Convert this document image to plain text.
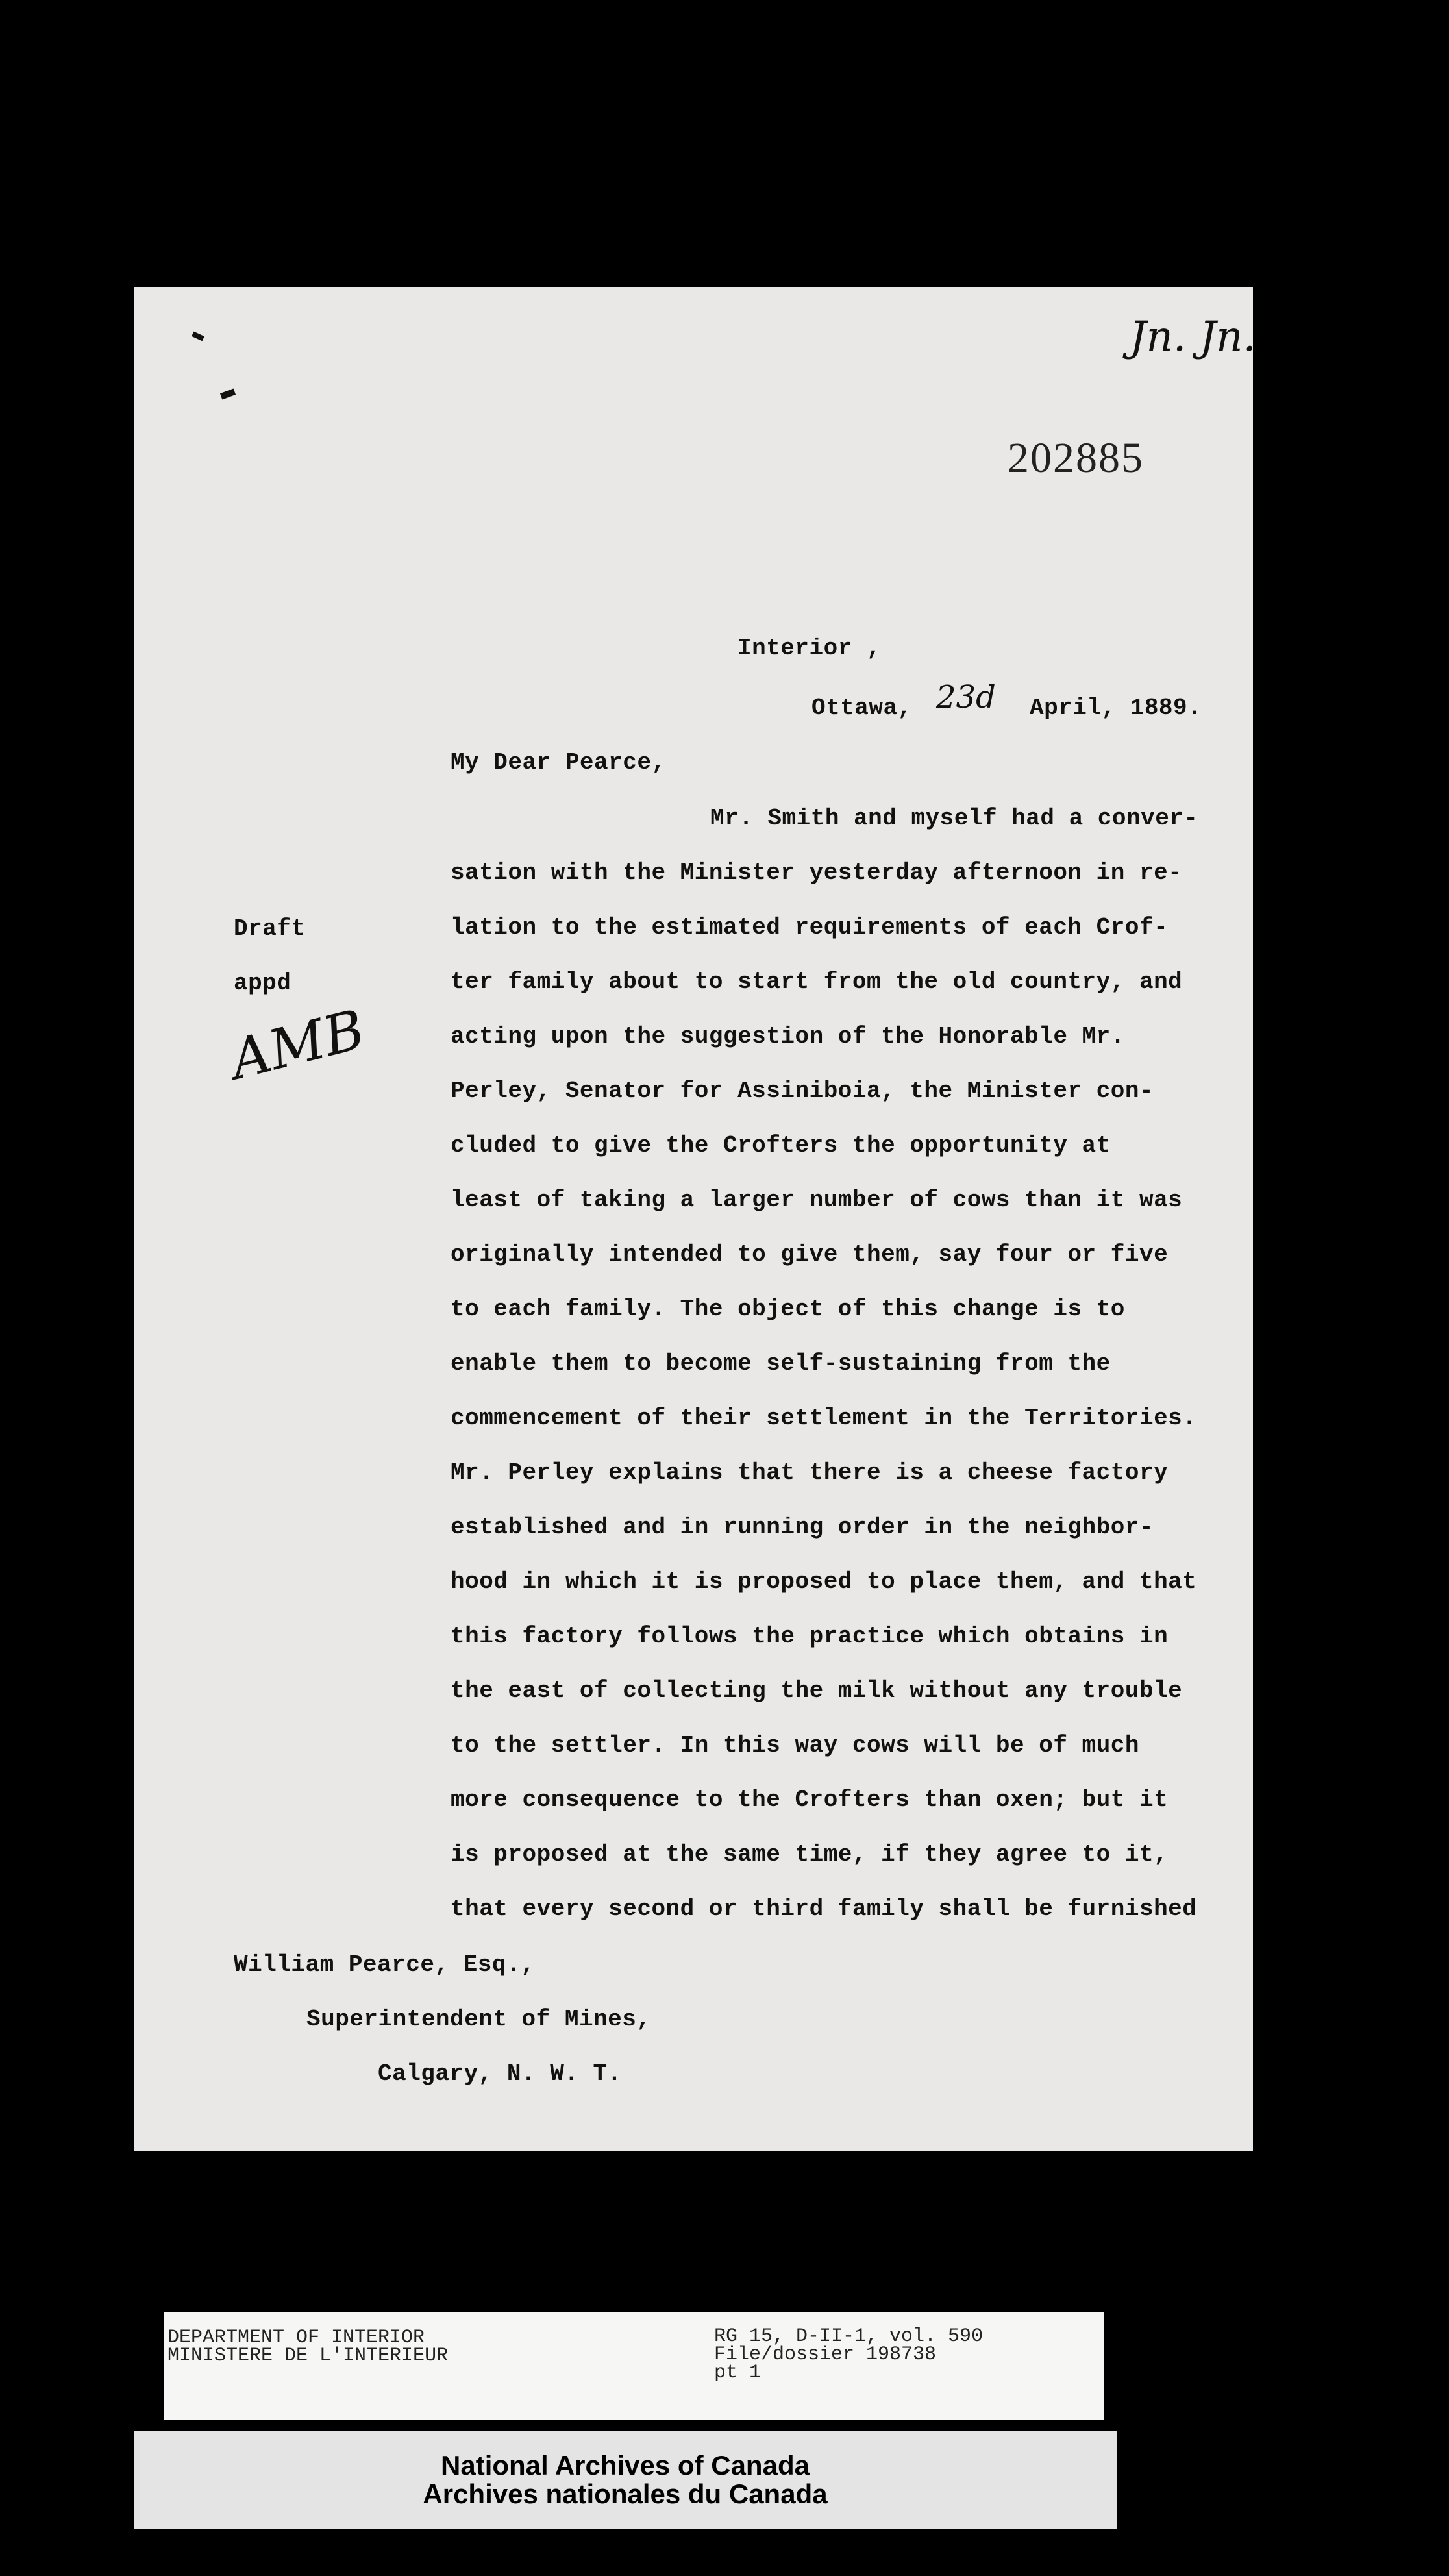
Jn. Jn.
202885
Interior ,
Ottawa, 23d April, 1889.
My Dear Pearce,
Draft
appd
AMB
Mr. Smith and myself had a conver-
sation with the Minister yesterday afternoon in re-
lation to the estimated requirements of each Crof-
ter family about to start from the old country, and
acting upon the suggestion of the Honorable Mr.
Perley, Senator for Assiniboia, the Minister con-
cluded to give the Crofters the opportunity at
least of taking a larger number of cows than it was
originally intended to give them, say four or five
to each family. The object of this change is to
enable them to become self-sustaining from the
commencement of their settlement in the Territories.
Mr. Perley explains that there is a cheese factory
established and in running order in the neighbor-
hood in which it is proposed to place them, and that
this factory follows the practice which obtains in
the east of collecting the milk without any trouble
to the settler. In this way cows will be of much
more consequence to the Crofters than oxen; but it
is proposed at the same time, if they agree to it,
that every second or third family shall be furnished
William Pearce, Esq.,
Superintendent of Mines,
Calgary, N. W. T.
DEPARTMENT OF INTERIOR
MINISTERE DE L'INTERIEUR
RG 15, D-II-1, vol. 590
File/dossier 198738
pt 1
National Archives of Canada
Archives nationales du Canada
